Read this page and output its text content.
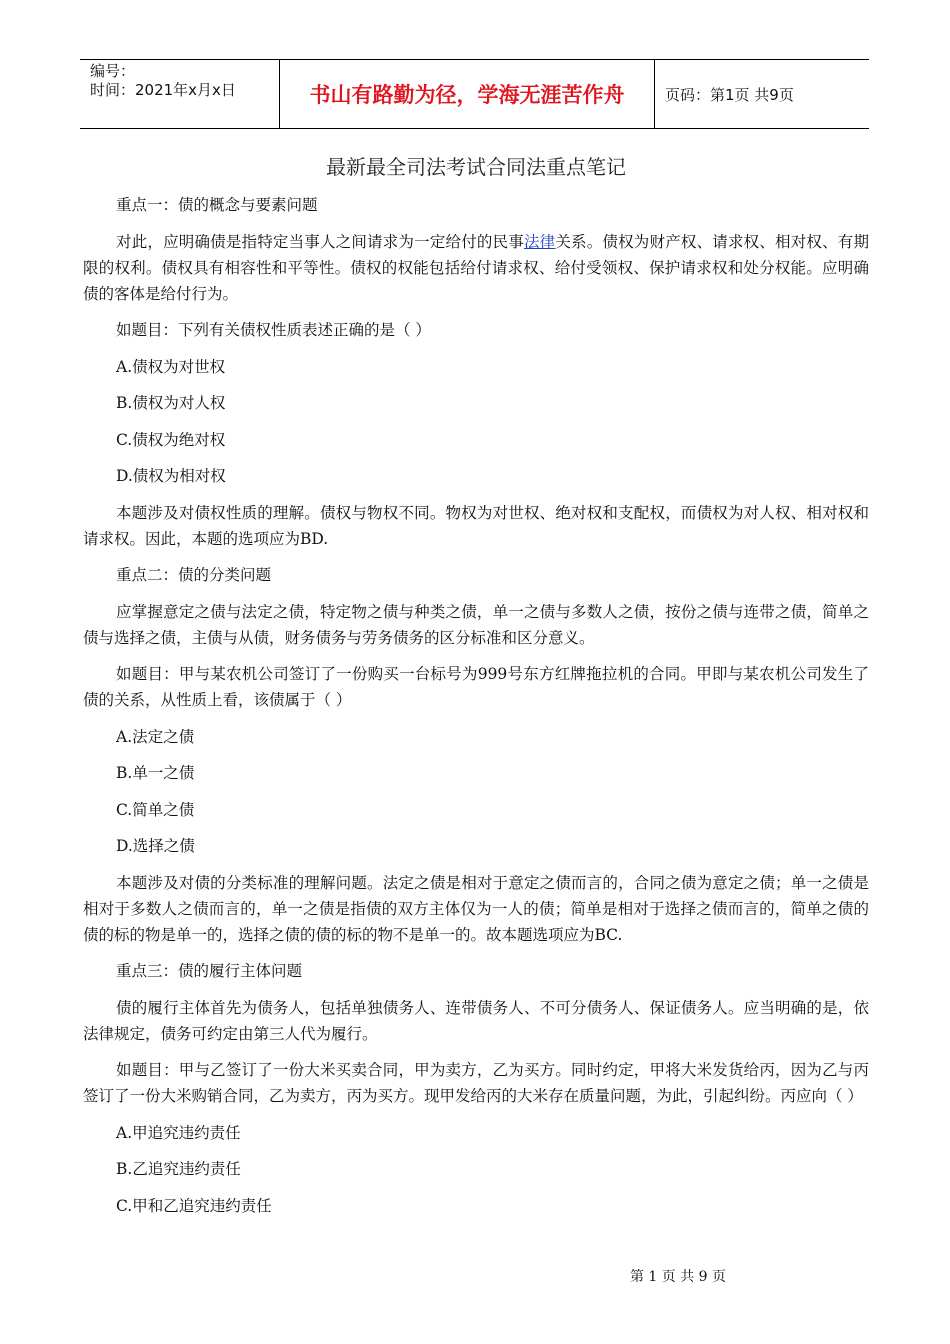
编号：
时间：2021年x月x日	书山有路勤为径，学海无涯苦作舟	页码：第1页 共9页
最新最全司法考试合同法重点笔记

重点一：债的概念与要素问题

对此，应明确债是指特定当事人之间请求为一定给付的民事法律关系。债权为财产权、请求权、相对权、有期限的权利。债权具有相容性和平等性。债权的权能包括给付请求权、给付受领权、保护请求权和处分权能。应明确债的客体是给付行为。

如题目：下列有关债权性质表述正确的是（ ）

A.债权为对世权

B.债权为对人权

C.债权为绝对权

D.债权为相对权

本题涉及对债权性质的理解。债权与物权不同。物权为对世权、绝对权和支配权，而债权为对人权、相对权和请求权。因此，本题的选项应为BD.

重点二：债的分类问题

应掌握意定之债与法定之债，特定物之债与种类之债，单一之债与多数人之债，按份之债与连带之债，简单之债与选择之债，主债与从债，财务债务与劳务债务的区分标准和区分意义。

如题目：甲与某农机公司签订了一份购买一台标号为999号东方红牌拖拉机的合同。甲即与某农机公司发生了债的关系，从性质上看，该债属于（ ）

A.法定之债

B.单一之债

C.简单之债

D.选择之债

本题涉及对债的分类标准的理解问题。法定之债是相对于意定之债而言的，合同之债为意定之债；单一之债是相对于多数人之债而言的，单一之债是指债的双方主体仅为一人的债；简单是相对于选择之债而言的，简单之债的债的标的物是单一的，选择之债的债的标的物不是单一的。故本题选项应为BC.

重点三：债的履行主体问题

债的履行主体首先为债务人，包括单独债务人、连带债务人、不可分债务人、保证债务人。应当明确的是，依法律规定，债务可约定由第三人代为履行。

如题目：甲与乙签订了一份大米买卖合同，甲为卖方，乙为买方。同时约定，甲将大米发货给丙，因为乙与丙签订了一份大米购销合同，乙为卖方，丙为买方。现甲发给丙的大米存在质量问题，为此，引起纠纷。丙应向（ ）

A.甲追究违约责任

B.乙追究违约责任

C.甲和乙追究违约责任

第 1 页 共 9 页
